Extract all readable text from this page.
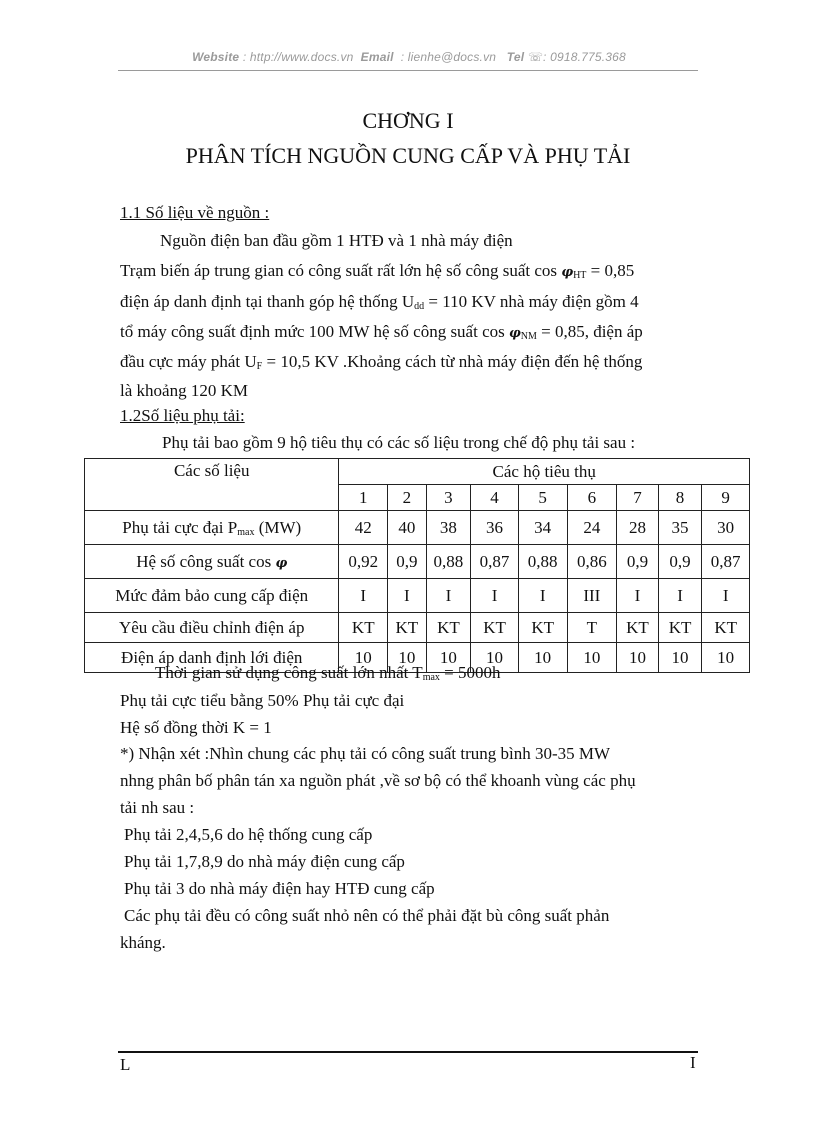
Website : http://www.docs.vn Email : lienhe@docs.vn Tel ☏: 0918.775.368
CHƠNG I
PHÂN TÍCH NGUỒN CUNG CẤP VÀ PHỤ TẢI
1.1 Số liệu về nguồn :
Nguồn điện ban đầu gồm 1 HTĐ và 1 nhà máy điện
Trạm biến áp trung gian có công suất rất lớn hệ số công suất $\cos \varphi_{HT} = 0,85$
điện áp danh định tại thanh góp hệ thống $U_{dd} = 110$ KV nhà máy điện gồm 4
tổ máy công suất định mức 100 MW hệ số công suất $\cos \varphi_{NM} = 0,85$, điện áp
đầu cực máy phát $U_F = 10,5$ KV .Khoảng cách từ nhà máy điện đến hệ thống
là khoảng 120 KM
1.2Số liệu phụ tải:
Phụ tải bao gồm 9 hộ tiêu thụ có các số liệu trong chế độ phụ tải sau :
Các số liệu	Các hộ tiêu thụ								
	1	2	3	4	5	6	7	8	9
Phụ tải cực đại $P_{max}$ (MW)	42	40	38	36	34	24	28	35	30
Hệ số công suất cos φ	0,92	0,9	0,88	0,87	0,88	0,86	0,9	0,9	0,87
Mức đảm bảo cung cấp điện	I	I	I	I	I	III	I	I	I
Yêu cầu điều chỉnh điện áp	KT	KT	KT	KT	KT	T	KT	KT	KT
Điện áp danh định lới điện	10	10	10	10	10	10	10	10	10
Thời gian sử dụng công suất lớn nhất $T_{max} = 5000h$
Phụ tải cực tiểu bằng 50% Phụ tải cực đại
Hệ số đồng thời K = 1
*) Nhận xét :Nhìn chung các phụ tải có công suất trung bình 30-35 MW
nhng phân bố phân tán xa nguồn phát ,về sơ bộ có thể khoanh vùng các phụ
tải nh sau :
Phụ tải 2,4,5,6 do hệ thống cung cấp
Phụ tải 1,7,8,9 do nhà máy điện cung cấp
Phụ tải 3 do nhà máy điện hay HTĐ cung cấp
Các phụ tải đều có công suất nhỏ nên có thể phải đặt bù công suất phản
kháng.
L	I
